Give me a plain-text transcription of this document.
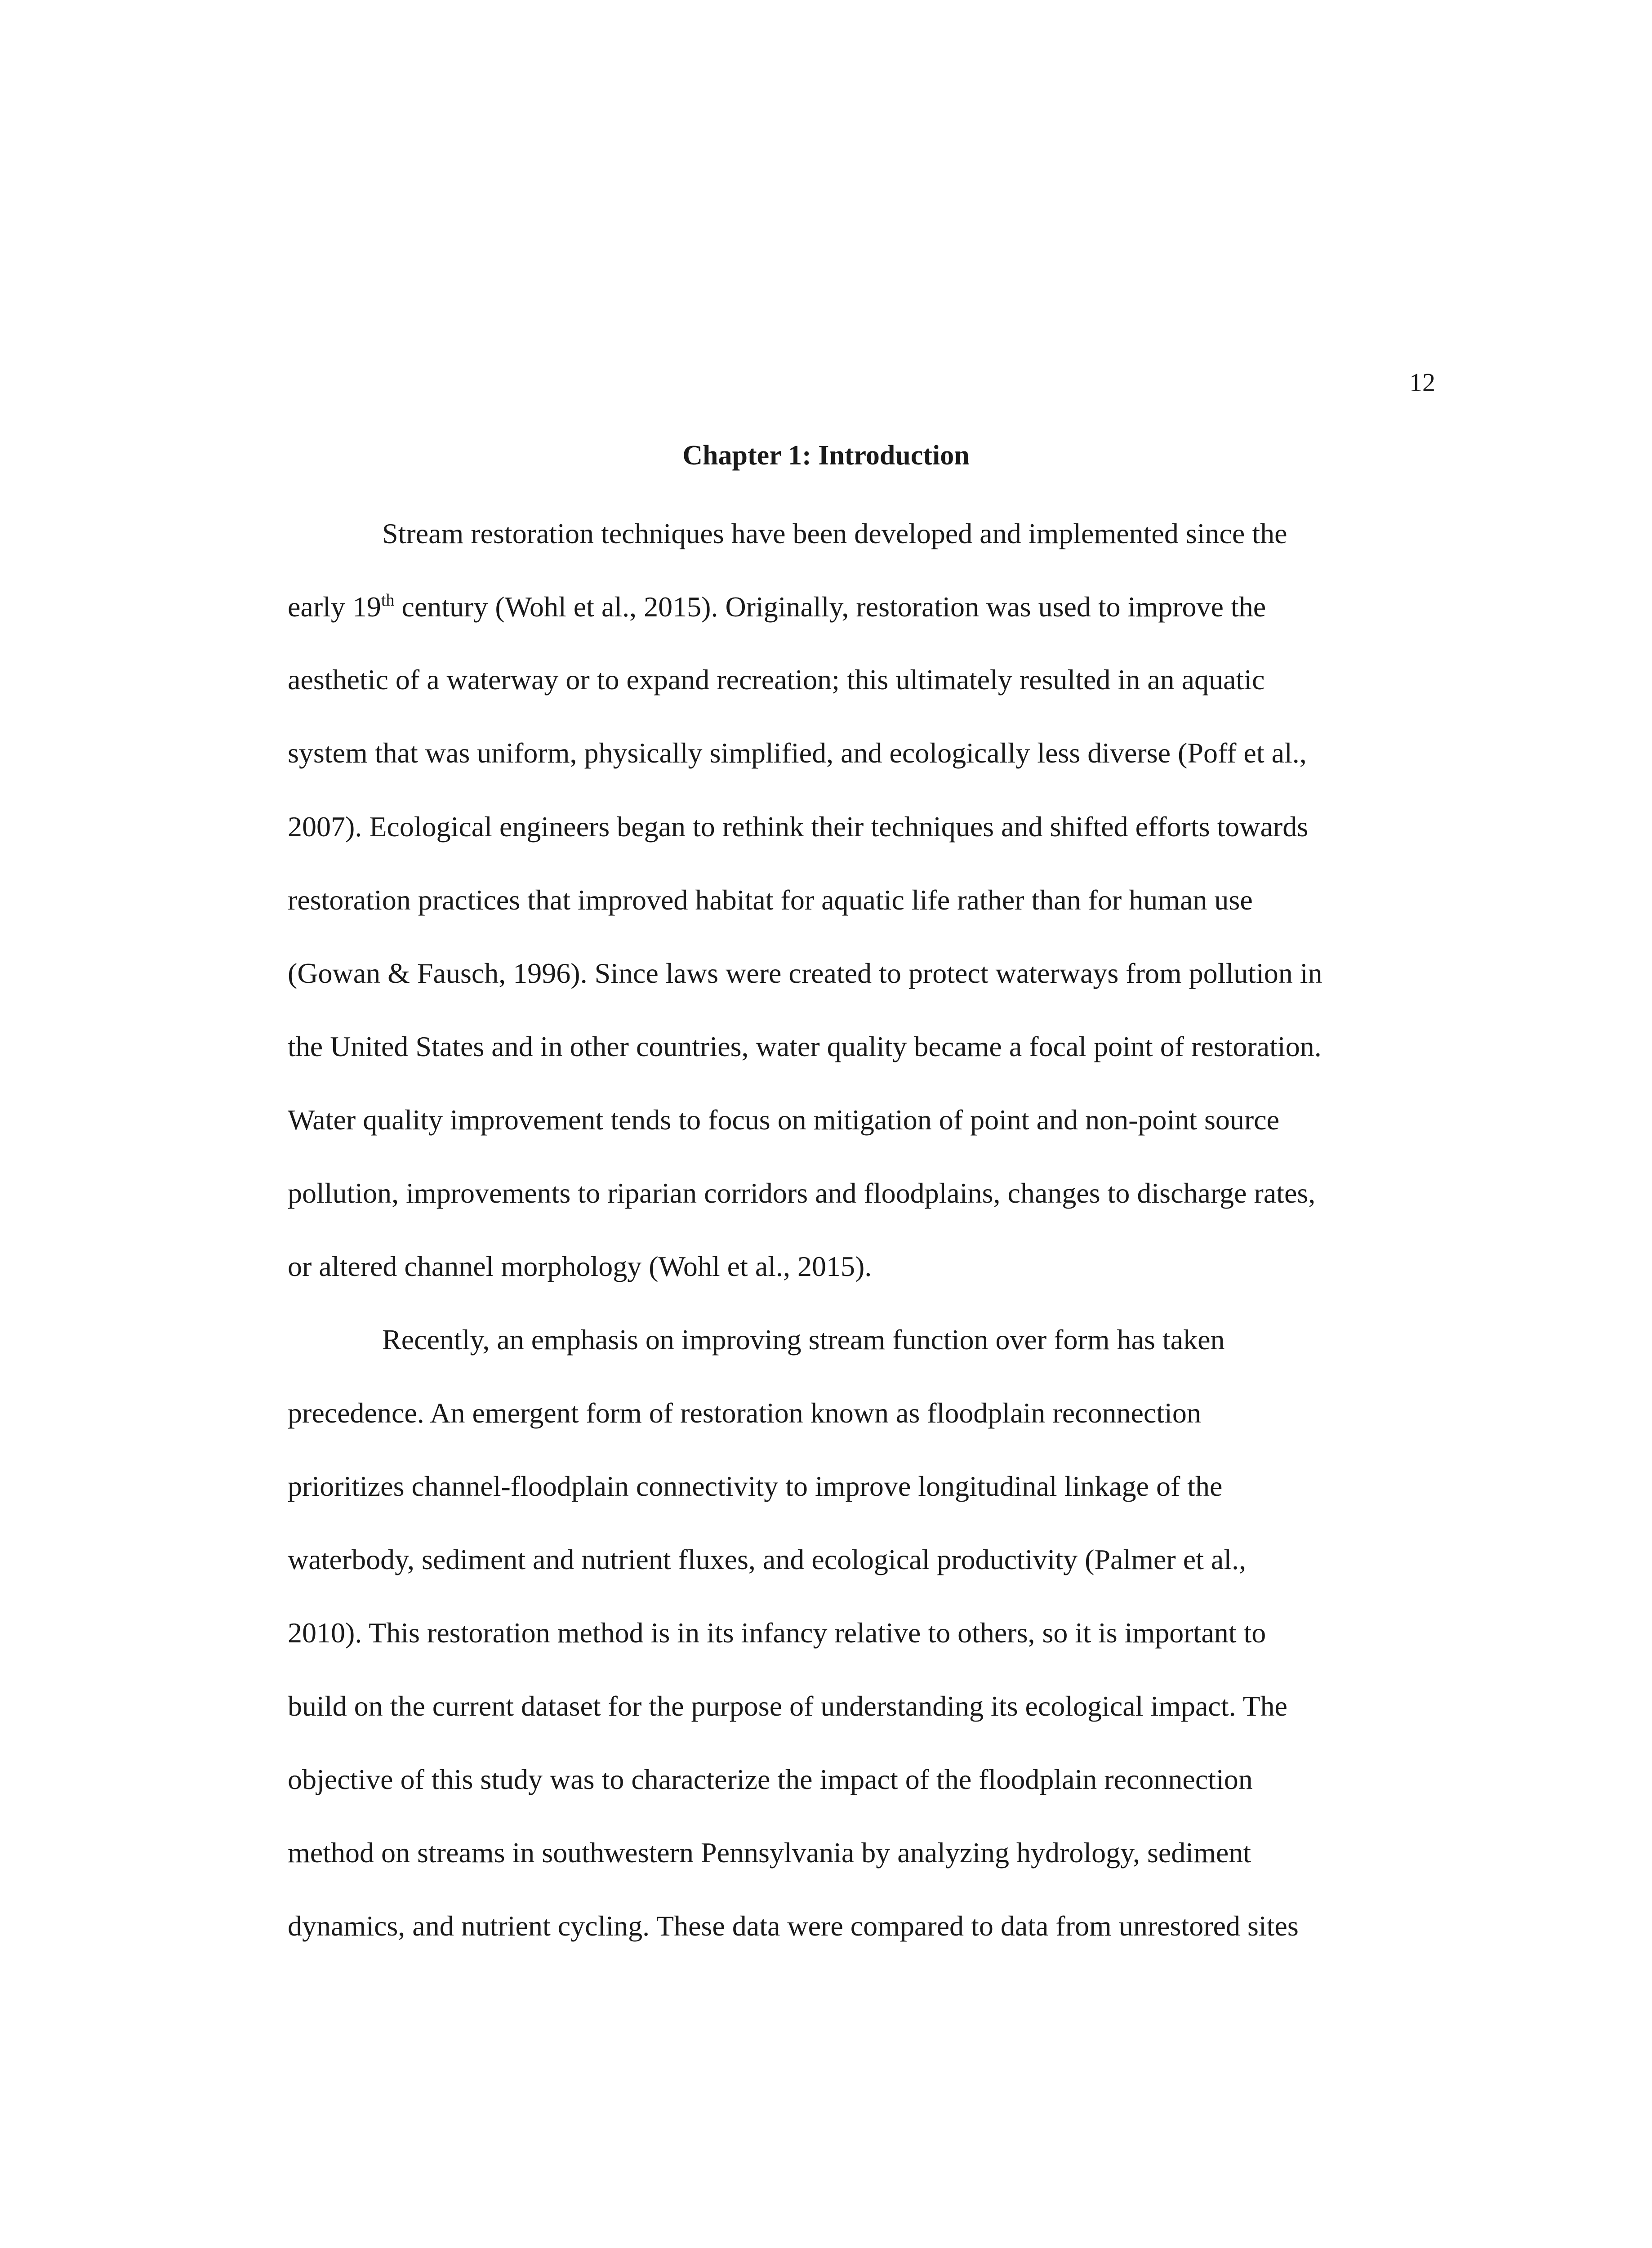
12
Chapter 1: Introduction
Stream restoration techniques have been developed and implemented since the
early 19th century (Wohl et al., 2015). Originally, restoration was used to improve the
aesthetic of a waterway or to expand recreation; this ultimately resulted in an aquatic
system that was uniform, physically simplified, and ecologically less diverse (Poff et al.,
2007). Ecological engineers began to rethink their techniques and shifted efforts towards
restoration practices that improved habitat for aquatic life rather than for human use
(Gowan & Fausch, 1996). Since laws were created to protect waterways from pollution in
the United States and in other countries, water quality became a focal point of restoration.
Water quality improvement tends to focus on mitigation of point and non-point source
pollution, improvements to riparian corridors and floodplains, changes to discharge rates,
or altered channel morphology (Wohl et al., 2015).
Recently, an emphasis on improving stream function over form has taken
precedence. An emergent form of restoration known as floodplain reconnection
prioritizes channel-floodplain connectivity to improve longitudinal linkage of the
waterbody, sediment and nutrient fluxes, and ecological productivity (Palmer et al.,
2010). This restoration method is in its infancy relative to others, so it is important to
build on the current dataset for the purpose of understanding its ecological impact. The
objective of this study was to characterize the impact of the floodplain reconnection
method on streams in southwestern Pennsylvania by analyzing hydrology, sediment
dynamics, and nutrient cycling. These data were compared to data from unrestored sites
